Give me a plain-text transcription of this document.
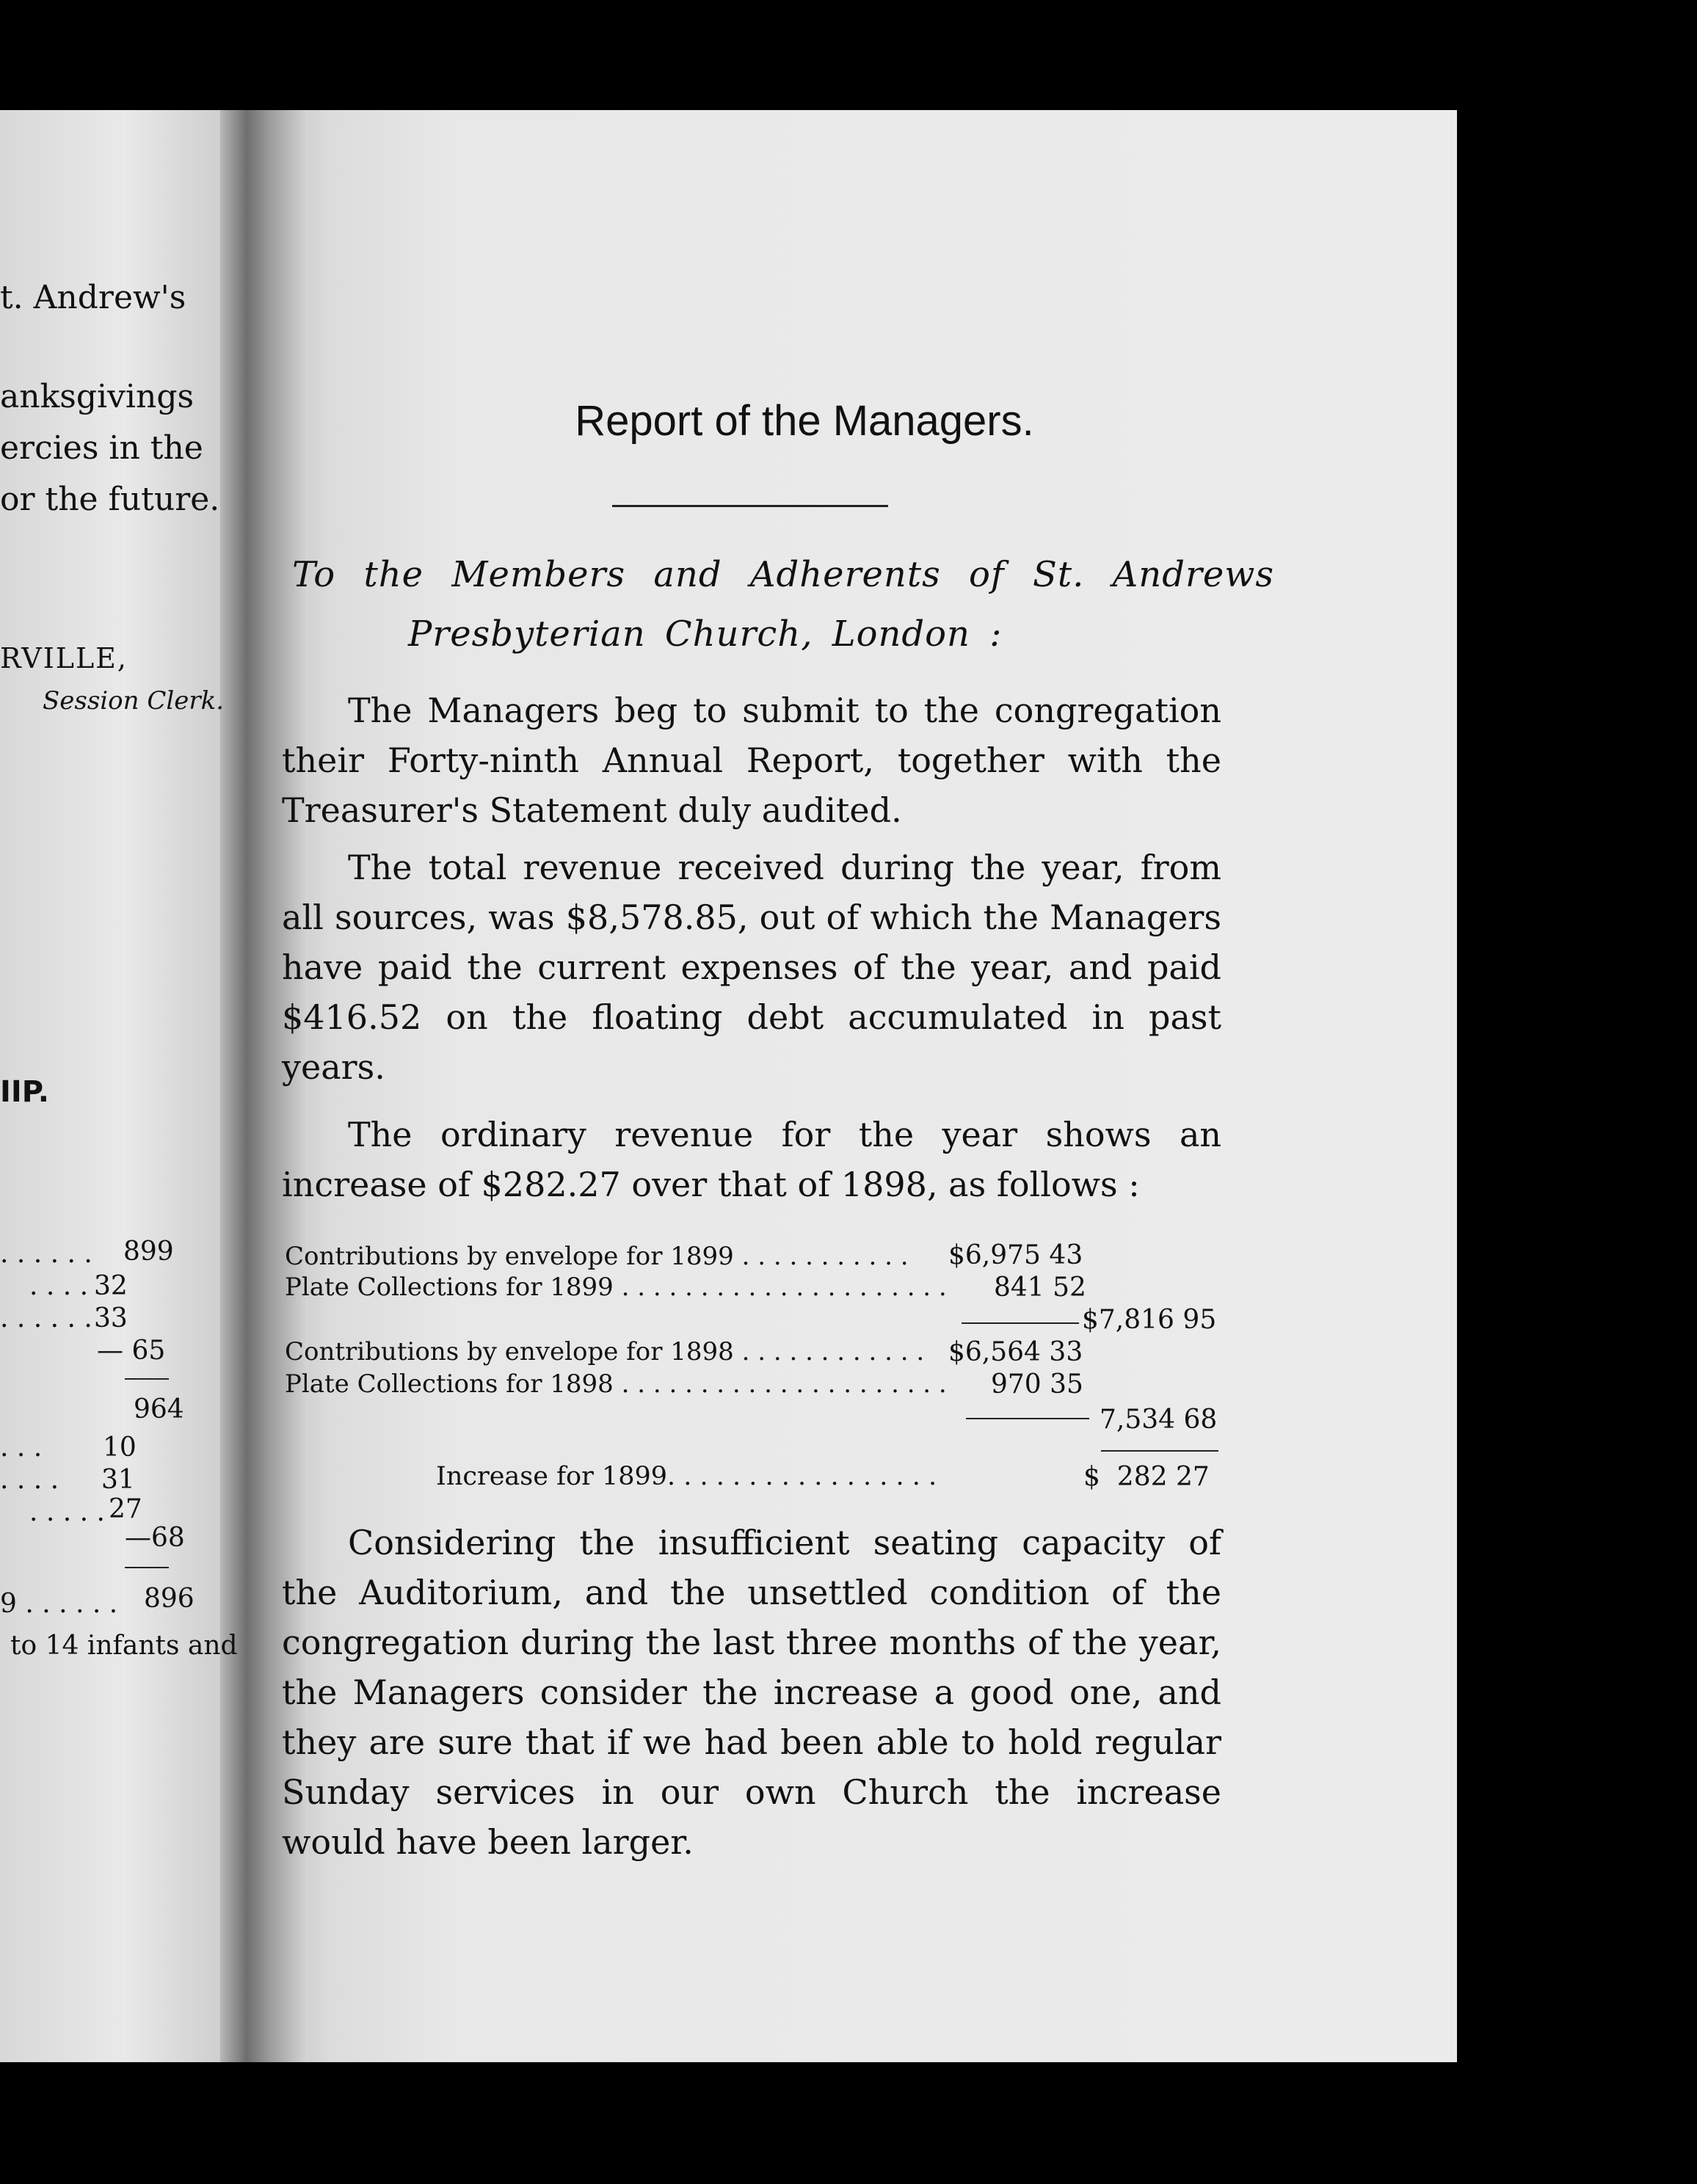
t. Andrew's
anksgivings
ercies in the
or the future.
RVILLE,
Session Clerk.
IIP.
. . . . . . 899
. . . . 32
. . . . . . 33
— 65
964
. . . 10
. . . . 31
. . . . . 27
—68
9 . . . . . . 896
to 14 infants and
Report of the Managers.
To the Members and Adherents of St. Andrews
Presbyterian Church, London :
The Managers beg to submit to the congregation their Forty-ninth Annual Report, together with the Treasurer's Statement duly audited.
The total revenue received during the year, from all sources, was $8,578.85, out of which the Managers have paid the current expenses of the year, and paid $416.52 on the floating debt accumulated in past years.
The ordinary revenue for the year shows an increase of $282.27 over that of 1898, as follows :
Contributions by envelope for 1899 . . . . . . . . . . . $6,975 43
Plate Collections for 1899 . . . . . . . . . . . . . . . . . . . . . 841 52
$7,816 95
Contributions by envelope for 1898 . . . . . . . . . . . . $6,564 33
Plate Collections for 1898 . . . . . . . . . . . . . . . . . . . . . 970 35
7,534 68
Increase for 1899. . . . . . . . . . . . . . . . .	$  282 27
Considering the insufficient seating capacity of the Auditorium, and the unsettled condition of the congregation during the last three months of the year, the Managers consider the increase a good one, and they are sure that if we had been able to hold regular Sunday services in our own Church the increase would have been larger.
